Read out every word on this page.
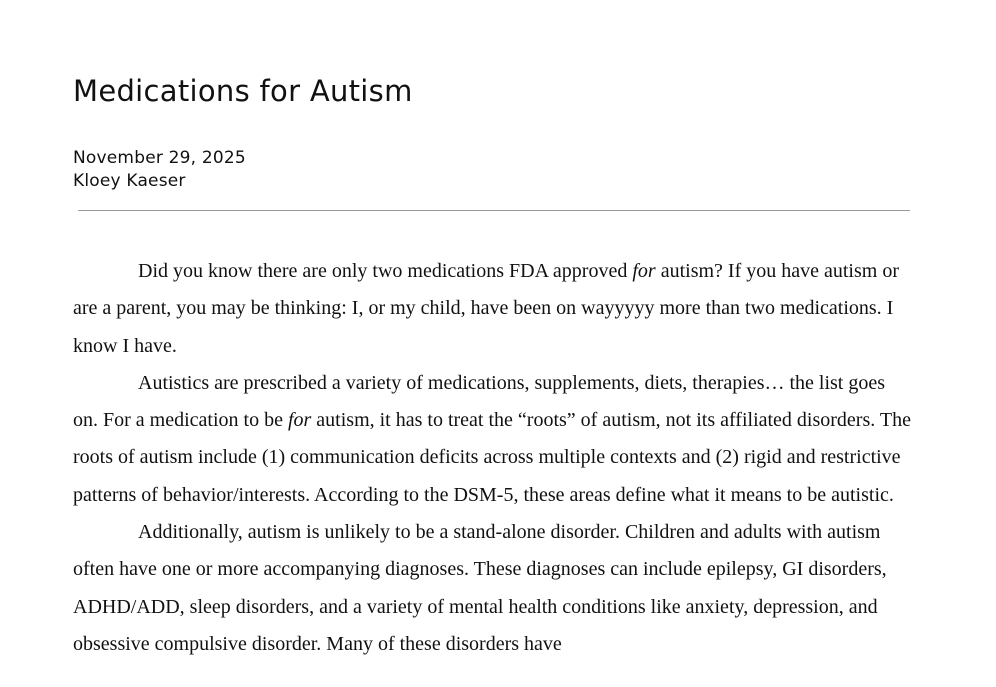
Medications for Autism
November 29, 2025
Kloey Kaeser

Did you know there are only two medications FDA approved for autism? If you have autism or are a parent, you may be thinking: I, or my child, have been on wayyyyy more than two medications. I know I have.

Autistics are prescribed a variety of medications, supplements, diets, therapies… the list goes on. For a medication to be for autism, it has to treat the “roots” of autism, not its affiliated disorders. The roots of autism include (1) communication deficits across multiple contexts and (2) rigid and restrictive patterns of behavior/interests. According to the DSM-5, these areas define what it means to be autistic.

Additionally, autism is unlikely to be a stand-alone disorder. Children and adults with autism often have one or more accompanying diagnoses. These diagnoses can include epilepsy, GI disorders, ADHD/ADD, sleep disorders, and a variety of mental health conditions like anxiety, depression, and obsessive compulsive disorder. Many of these disorders have
